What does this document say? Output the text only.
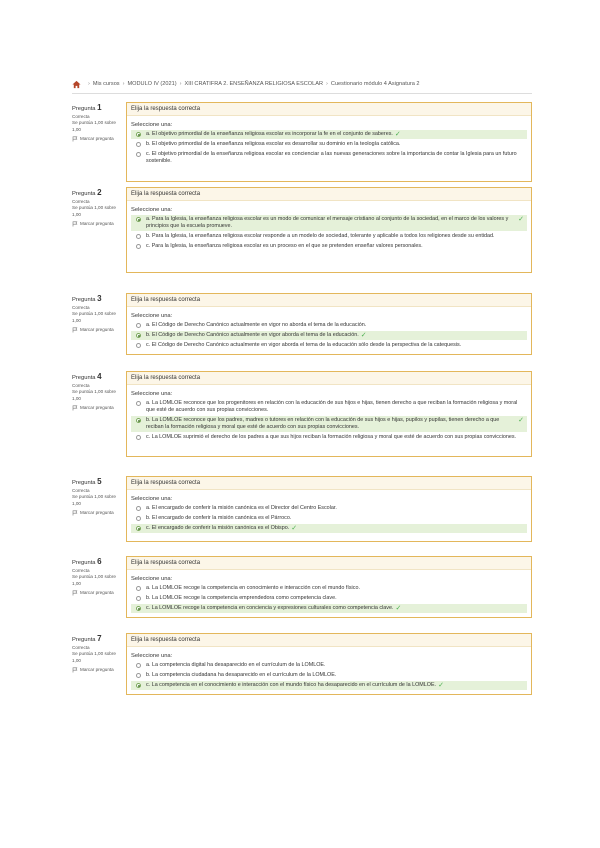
› Mis cursos › MODULO IV (2021) › XIII CRATIFRA 2. ENSEÑANZA RELIGIOSA ESCOLAR › Cuestionario módulo 4 Asignatura 2
Pregunta 1
Correcta
Se puntúa 1,00 sobre 1,00
Marcar pregunta
Elija la respuesta correcta
Seleccione una:
a. El objetivo primordial de la enseñanza religiosa escolar es incorporar la fe en el conjunto de saberes. ✓
b. El objetivo primordial de la enseñanza religiosa escolar es desarrollar su dominio en la teología católica.
c. El objetivo primordial de la enseñanza religiosa escolar es concienciar a las nuevas generaciones sobre la importancia de contar la Iglesia para un futuro sostenible.
Pregunta 2
Correcta
Se puntúa 1,00 sobre 1,00
Marcar pregunta
Elija la respuesta correcta
Seleccione una:
a. Para la Iglesia, la enseñanza religiosa escolar es un modo de comunicar el mensaje cristiano al conjunto de la sociedad, en el marco de los valores y principios que la escuela promueve.
✓
b. Para la Iglesia, la enseñanza religiosa escolar responde a un modelo de sociedad, tolerante y aplicable a todos los religiones desde su entidad.
c. Para la Iglesia, la enseñanza religiosa escolar es un proceso en el que se pretenden enseñar valores personales.
Pregunta 3
Correcta
Se puntúa 1,00 sobre 1,00
Marcar pregunta
Elija la respuesta correcta
Seleccione una:
a. El Código de Derecho Canónico actualmente en vigor no aborda el tema de la educación.
b. El Código de Derecho Canónico actualmente en vigor aborda el tema de la educación. ✓
c. El Código de Derecho Canónico actualmente en vigor aborda el tema de la educación sólo desde la perspectiva de la catequesis.
Pregunta 4
Correcta
Se puntúa 1,00 sobre 1,00
Marcar pregunta
Elija la respuesta correcta
Seleccione una:
a. La LOMLOE reconoce que los progenitores en relación con la educación de sus hijos e hijas, tienen derecho a que reciban la formación religiosa y moral que esté de acuerdo con sus propias convicciones.
b. La LOMLOE reconoce que los padres, madres o tutores en relación con la educación de sus hijos e hijas, pupilos y pupilas, tienen derecho a que reciban la formación religiosa y moral que esté de acuerdo con sus propias convicciones.
✓
c. La LOMLOE suprimió el derecho de los padres a que sus hijos reciban la formación religiosa y moral que esté de acuerdo con sus propias convicciones.
Pregunta 5
Correcta
Se puntúa 1,00 sobre 1,00
Marcar pregunta
Elija la respuesta correcta
Seleccione una:
a. El encargado de conferir la misión canónica es el Director del Centro Escolar.
b. El encargado de conferir la misión canónica es el Párroco.
c. El encargado de conferir la misión canónica es el Obispo. ✓
Pregunta 6
Correcta
Se puntúa 1,00 sobre 1,00
Marcar pregunta
Elija la respuesta correcta
Seleccione una:
a. La LOMLOE recoge la competencia en conocimiento e interacción con el mundo físico.
b. La LOMLOE recoge la competencia emprendedora como competencia clave.
c. La LOMLOE recoge la competencia en conciencia y expresiones culturales como competencia clave. ✓
Pregunta 7
Correcta
Se puntúa 1,00 sobre 1,00
Marcar pregunta
Elija la respuesta correcta
Seleccione una:
a. La competencia digital ha desaparecido en el currículum de la LOMLOE.
b. La competencia ciudadana ha desaparecido en el currículum de la LOMLOE.
c. La competencia en el conocimiento e interacción con el mundo físico ha desaparecido en el currículum de la LOMLOE. ✓
